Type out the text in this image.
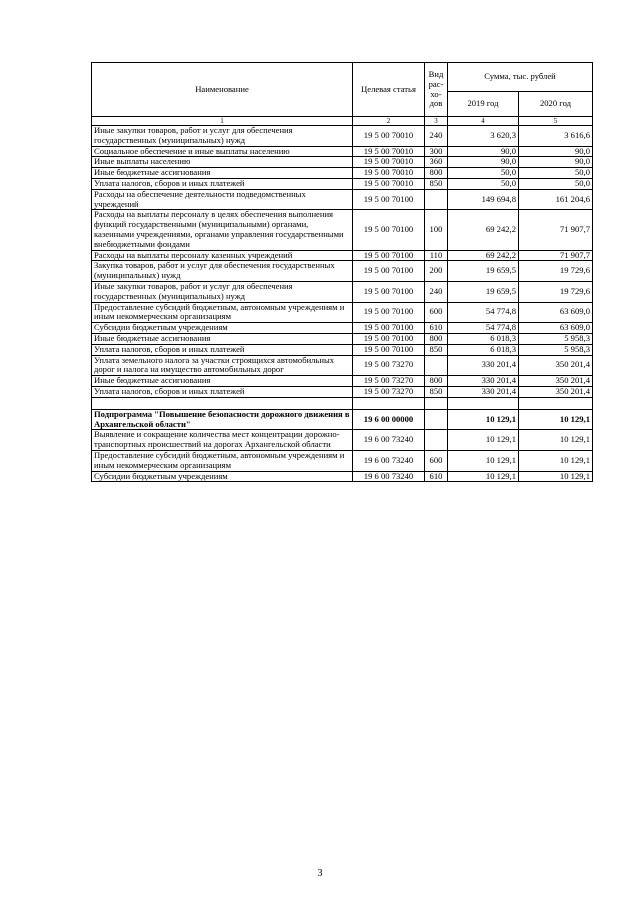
Наименование	Целевая статья	Вид рас- хо- дов	Сумма, тыс. рублей	
			2019 год	2020 год
1	2	3	4	5
Иные закупки товаров, работ и услуг для обеспечения государственных (муниципальных) нужд	19 5 00 70010	240	3 620,3	3 616,6
Социальное обеспечение и иные выплаты населению	19 5 00 70010	300	90,0	90,0
Иные выплаты населению	19 5 00 70010	360	90,0	90,0
Иные бюджетные ассигнования	19 5 00 70010	800	50,0	50,0
Уплата налогов, сборов и иных платежей	19 5 00 70010	850	50,0	50,0
Расходы на обеспечение деятельности подведомственных учреждений	19 5 00 70100		149 694,8	161 204,6
Расходы на выплаты персоналу в целях обеспечения выполнения функций государственными (муниципальными) органами, казенными учреждениями, органами управления государственными внебюджетными фондами	19 5 00 70100	100	69 242,2	71 907,7
Расходы на выплаты персоналу казенных учреждений	19 5 00 70100	110	69 242,2	71 907,7
Закупка товаров, работ и услуг для обеспечения государственных (муниципальных) нужд	19 5 00 70100	200	19 659,5	19 729,6
Иные закупки товаров, работ и услуг для обеспечения государственных (муниципальных) нужд	19 5 00 70100	240	19 659,5	19 729,6
Предоставление субсидий бюджетным, автономным учреждениям и иным некоммерческим организациям	19 5 00 70100	600	54 774,8	63 609,0
Субсидии бюджетным учреждениям	19 5 00 70100	610	54 774,8	63 609,0
Иные бюджетные ассигнования	19 5 00 70100	800	6 018,3	5 958,3
Уплата налогов, сборов и иных платежей	19 5 00 70100	850	6 018,3	5 958,3
Уплата земельного налога за участки строящихся автомобильных дорог и налога на имущество автомобильных дорог	19 5 00 73270		330 201,4	350 201,4
Иные бюджетные ассигнования	19 5 00 73270	800	330 201,4	350 201,4
Уплата налогов, сборов и иных платежей	19 5 00 73270	850	330 201,4	350 201,4

Подпрограмма "Повышение безопасности дорожного движения в Архангельской области"	19 6 00 00000		10 129,1	10 129,1
Выявление и сокращение количества мест концентрации дорожно-транспортных происшествий на дорогах Архангельской области	19 6 00 73240		10 129,1	10 129,1
Предоставление субсидий бюджетным, автономным учреждениям и иным некоммерческим организациям	19 6 00 73240	600	10 129,1	10 129,1
Субсидии бюджетным учреждениям	19 6 00 73240	610	10 129,1	10 129,1
3
